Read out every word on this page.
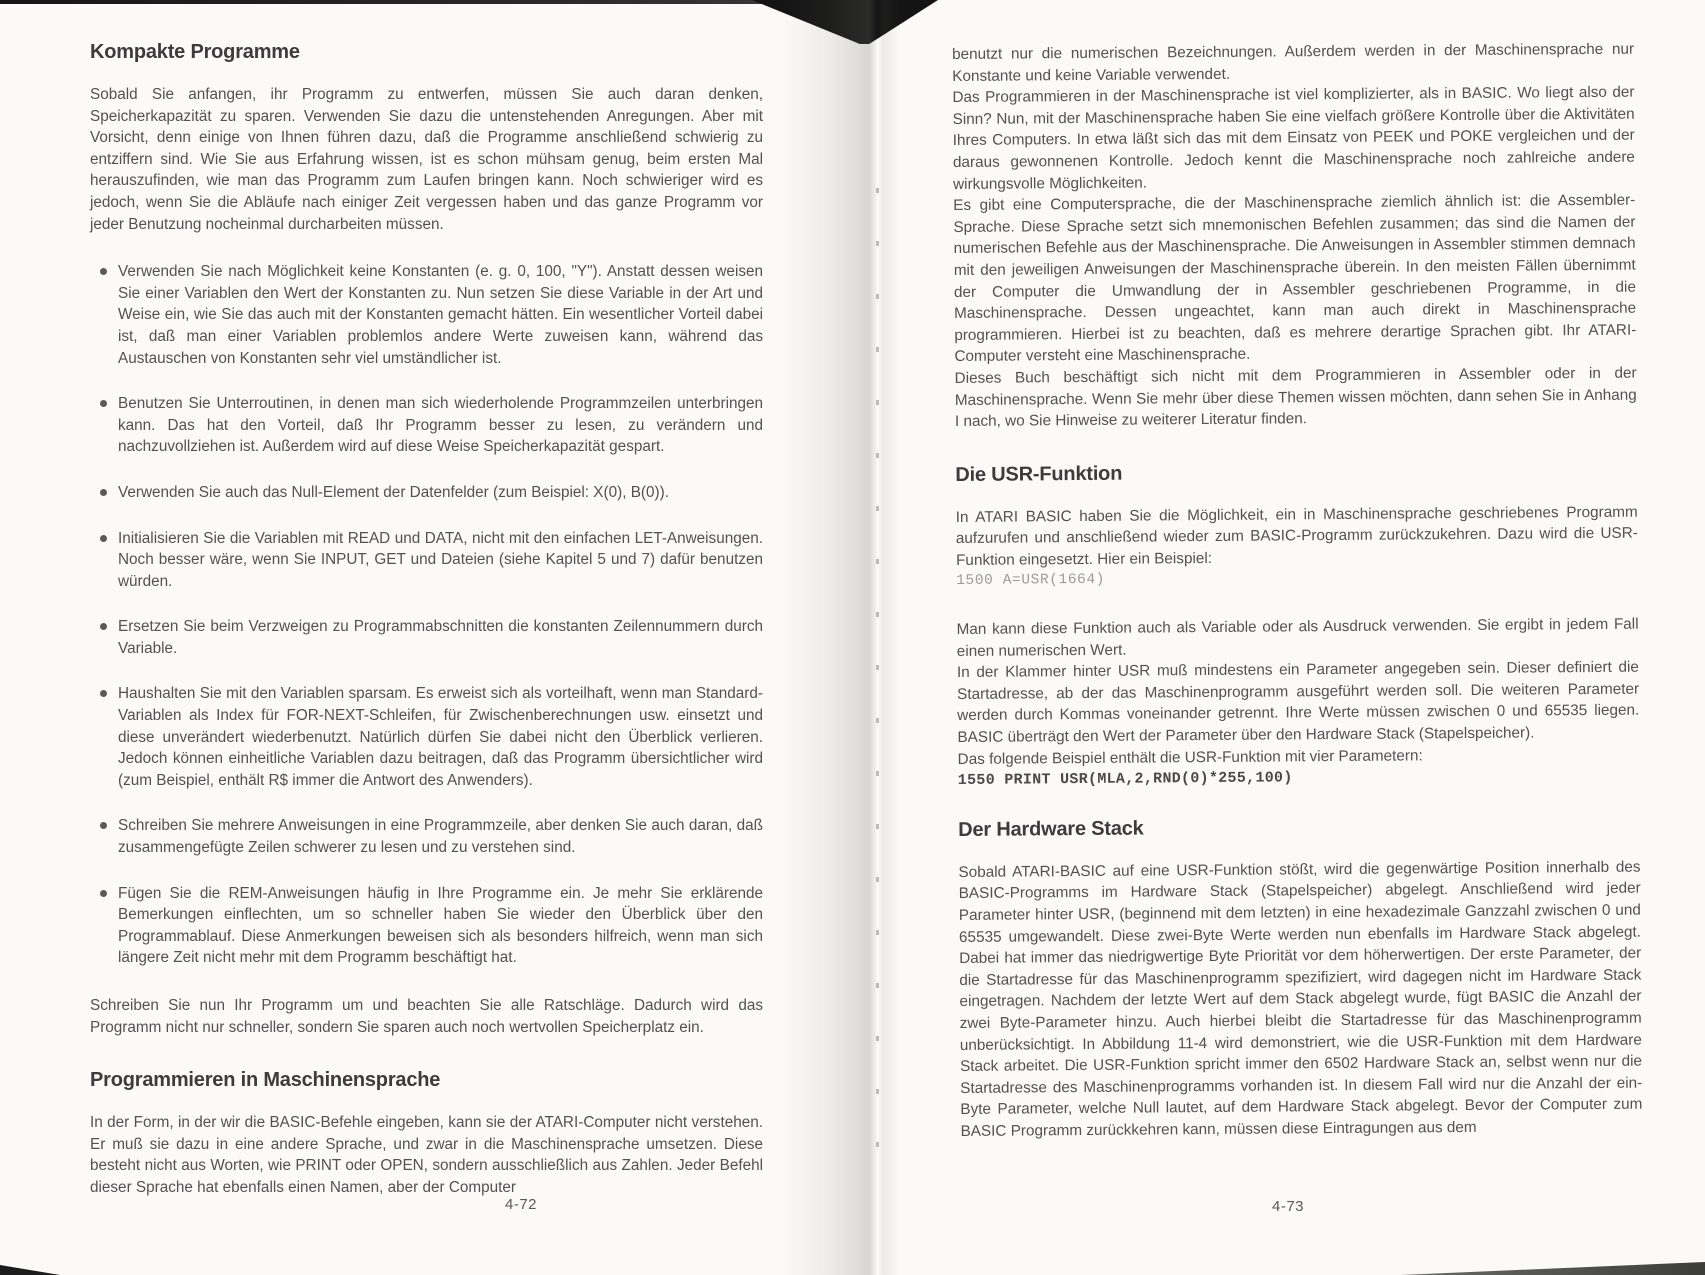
Kompakte Programme

Sobald Sie anfangen, ihr Programm zu entwerfen, müssen Sie auch daran denken, Speicherkapazität zu sparen. Verwenden Sie dazu die untenstehenden Anregungen. Aber mit Vorsicht, denn einige von Ihnen führen dazu, daß die Programme anschließend schwierig zu entziffern sind. Wie Sie aus Erfahrung wissen, ist es schon mühsam genug, beim ersten Mal herauszufinden, wie man das Programm zum Laufen bringen kann. Noch schwieriger wird es jedoch, wenn Sie die Abläufe nach einiger Zeit vergessen haben und das ganze Programm vor jeder Benutzung nocheinmal durcharbeiten müssen.

Verwenden Sie nach Möglichkeit keine Konstanten (e. g. 0, 100, "Y"). Anstatt dessen weisen Sie einer Variablen den Wert der Konstanten zu. Nun setzen Sie diese Variable in der Art und Weise ein, wie Sie das auch mit der Konstanten gemacht hätten. Ein wesentlicher Vorteil dabei ist, daß man einer Variablen problemlos andere Werte zuweisen kann, während das Austauschen von Konstanten sehr viel umständlicher ist.
Benutzen Sie Unterroutinen, in denen man sich wiederholende Programmzeilen unterbringen kann. Das hat den Vorteil, daß Ihr Programm besser zu lesen, zu verändern und nachzuvollziehen ist. Außerdem wird auf diese Weise Speicherkapazität gespart.
Verwenden Sie auch das Null-Element der Datenfelder (zum Beispiel: X(0), B(0)).
Initialisieren Sie die Variablen mit READ und DATA, nicht mit den einfachen LET-Anweisungen. Noch besser wäre, wenn Sie INPUT, GET und Dateien (siehe Kapitel 5 und 7) dafür benutzen würden.
Ersetzen Sie beim Verzweigen zu Programmabschnitten die konstanten Zeilennummern durch Variable.
Haushalten Sie mit den Variablen sparsam. Es erweist sich als vorteilhaft, wenn man Standard-Variablen als Index für FOR-NEXT-Schleifen, für Zwischenberechnungen usw. einsetzt und diese unverändert wiederbenutzt. Natürlich dürfen Sie dabei nicht den Überblick verlieren. Jedoch können einheitliche Variablen dazu beitragen, daß das Programm übersichtlicher wird (zum Beispiel, enthält R$ immer die Antwort des Anwenders).
Schreiben Sie mehrere Anweisungen in eine Programmzeile, aber denken Sie auch daran, daß zusammengefügte Zeilen schwerer zu lesen und zu verstehen sind.
Fügen Sie die REM-Anweisungen häufig in Ihre Programme ein. Je mehr Sie erklärende Bemerkungen einflechten, um so schneller haben Sie wieder den Überblick über den Programmablauf. Diese Anmerkungen beweisen sich als besonders hilfreich, wenn man sich längere Zeit nicht mehr mit dem Programm beschäftigt hat.

Schreiben Sie nun Ihr Programm um und beachten Sie alle Ratschläge. Dadurch wird das Programm nicht nur schneller, sondern Sie sparen auch noch wertvollen Speicherplatz ein.

Programmieren in Maschinensprache

In der Form, in der wir die BASIC-Befehle eingeben, kann sie der ATARI-Computer nicht verstehen. Er muß sie dazu in eine andere Sprache, und zwar in die Maschinensprache umsetzen. Diese besteht nicht aus Worten, wie PRINT oder OPEN, sondern ausschließlich aus Zahlen. Jeder Befehl dieser Sprache hat ebenfalls einen Namen, aber der Computer

benutzt nur die numerischen Bezeichnungen. Außerdem werden in der Maschinensprache nur Konstante und keine Variable verwendet.

Das Programmieren in der Maschinensprache ist viel komplizierter, als in BASIC. Wo liegt also der Sinn? Nun, mit der Maschinensprache haben Sie eine vielfach größere Kontrolle über die Aktivitäten Ihres Computers. In etwa läßt sich das mit dem Einsatz von PEEK und POKE vergleichen und der daraus gewonnenen Kontrolle. Jedoch kennt die Maschinensprache noch zahlreiche andere wirkungsvolle Möglichkeiten.

Es gibt eine Computersprache, die der Maschinensprache ziemlich ähnlich ist: die Assembler-Sprache. Diese Sprache setzt sich mnemonischen Befehlen zusammen; das sind die Namen der numerischen Befehle aus der Maschinensprache. Die Anweisungen in Assembler stimmen demnach mit den jeweiligen Anweisungen der Maschinensprache überein. In den meisten Fällen übernimmt der Computer die Umwandlung der in Assembler geschriebenen Programme, in die Maschinensprache. Dessen ungeachtet, kann man auch direkt in Maschinensprache programmieren. Hierbei ist zu beachten, daß es mehrere derartige Sprachen gibt. Ihr ATARI-Computer versteht eine Maschinensprache.

Dieses Buch beschäftigt sich nicht mit dem Programmieren in Assembler oder in der Maschinensprache. Wenn Sie mehr über diese Themen wissen möchten, dann sehen Sie in Anhang I nach, wo Sie Hinweise zu weiterer Literatur finden.

Die USR-Funktion

In ATARI BASIC haben Sie die Möglichkeit, ein in Maschinensprache geschriebenes Programm aufzurufen und anschließend wieder zum BASIC-Programm zurückzukehren. Dazu wird die USR-Funktion eingesetzt. Hier ein Beispiel:

1500 A=USR(1664)

Man kann diese Funktion auch als Variable oder als Ausdruck verwenden. Sie ergibt in jedem Fall einen numerischen Wert.

In der Klammer hinter USR muß mindestens ein Parameter angegeben sein. Dieser definiert die Startadresse, ab der das Maschinenprogramm ausgeführt werden soll. Die weiteren Parameter werden durch Kommas voneinander getrennt. Ihre Werte müssen zwischen 0 und 65535 liegen. BASIC überträgt den Wert der Parameter über den Hardware Stack (Stapelspeicher).

Das folgende Beispiel enthält die USR-Funktion mit vier Parametern:

1550 PRINT USR(MLA,2,RND(0)*255,100)

Der Hardware Stack

Sobald ATARI-BASIC auf eine USR-Funktion stößt, wird die gegenwärtige Position innerhalb des BASIC-Programms im Hardware Stack (Stapelspeicher) abgelegt. Anschließend wird jeder Parameter hinter USR, (beginnend mit dem letzten) in eine hexadezimale Ganzzahl zwischen 0 und 65535 umgewandelt. Diese zwei-Byte Werte werden nun ebenfalls im Hardware Stack abgelegt. Dabei hat immer das niedrigwertige Byte Priorität vor dem höherwertigen. Der erste Parameter, der die Startadresse für das Maschinenprogramm spezifiziert, wird dagegen nicht im Hardware Stack eingetragen. Nachdem der letzte Wert auf dem Stack abgelegt wurde, fügt BASIC die Anzahl der zwei Byte-Parameter hinzu. Auch hierbei bleibt die Startadresse für das Maschinenprogramm unberücksichtigt. In Abbildung 11-4 wird demonstriert, wie die USR-Funktion mit dem Hardware Stack arbeitet. Die USR-Funktion spricht immer den 6502 Hardware Stack an, selbst wenn nur die Startadresse des Maschinenprogramms vorhanden ist. In diesem Fall wird nur die Anzahl der ein-Byte Parameter, welche Null lautet, auf dem Hardware Stack abgelegt. Bevor der Computer zum BASIC Programm zurückkehren kann, müssen diese Eintragungen aus dem

4-72	4-73
